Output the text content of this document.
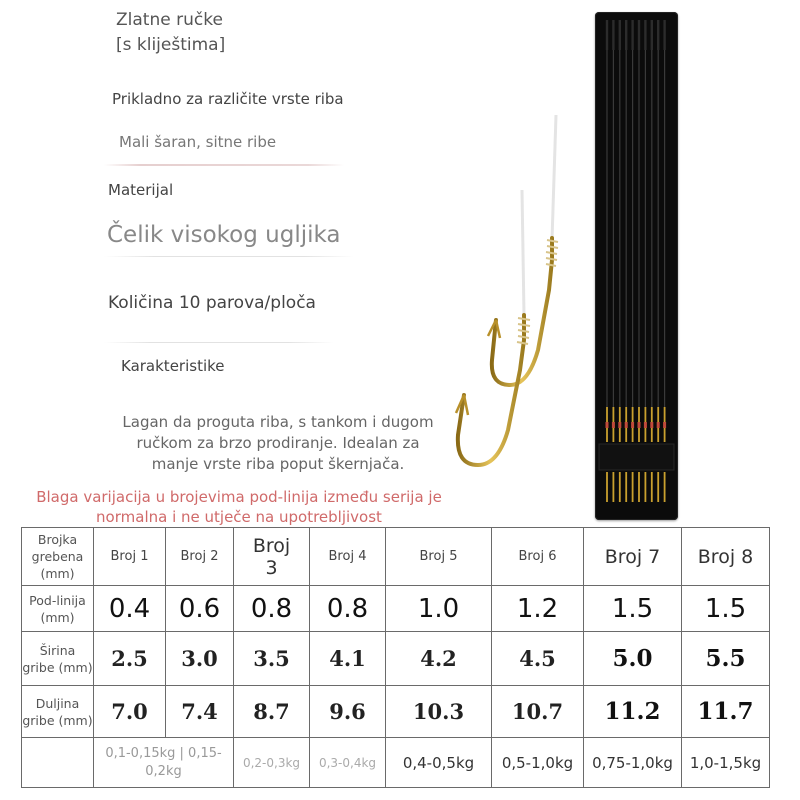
Zlatne ručke
[s kliještima]
Prikladno za različite vrste riba
Mali šaran, sitne ribe
Materijal
Čelik visokog ugljika
Količina 10 parova/ploča
Karakteristike
Lagan da proguta riba, s tankom i dugom ručkom za brzo prodiranje. Idealan za manje vrste riba poput škernjača.
Blaga varijacija u brojevima pod-linija između serija je normalna i ne utječe na upotrebljivost
Brojka grebena (mm)	Broj 1	Broj 2	Broj 3	Broj 4	Broj 5	Broj 6	Broj 7	Broj 8
Pod-linija (mm)	0.4	0.6	0.8	0.8	1.0	1.2	1.5	1.5
Širina gribe (mm)	2.5	3.0	3.5	4.1	4.2	4.5	5.0	5.5
Duljina gribe (mm)	7.0	7.4	8.7	9.6	10.3	10.7	11.2	11.7
	0,1-0,15kg | 0,15-0,2kg		0,2-0,3kg	0,3-0,4kg	0,4-0,5kg	0,5-1,0kg	0,75-1,0kg	1,0-1,5kg
